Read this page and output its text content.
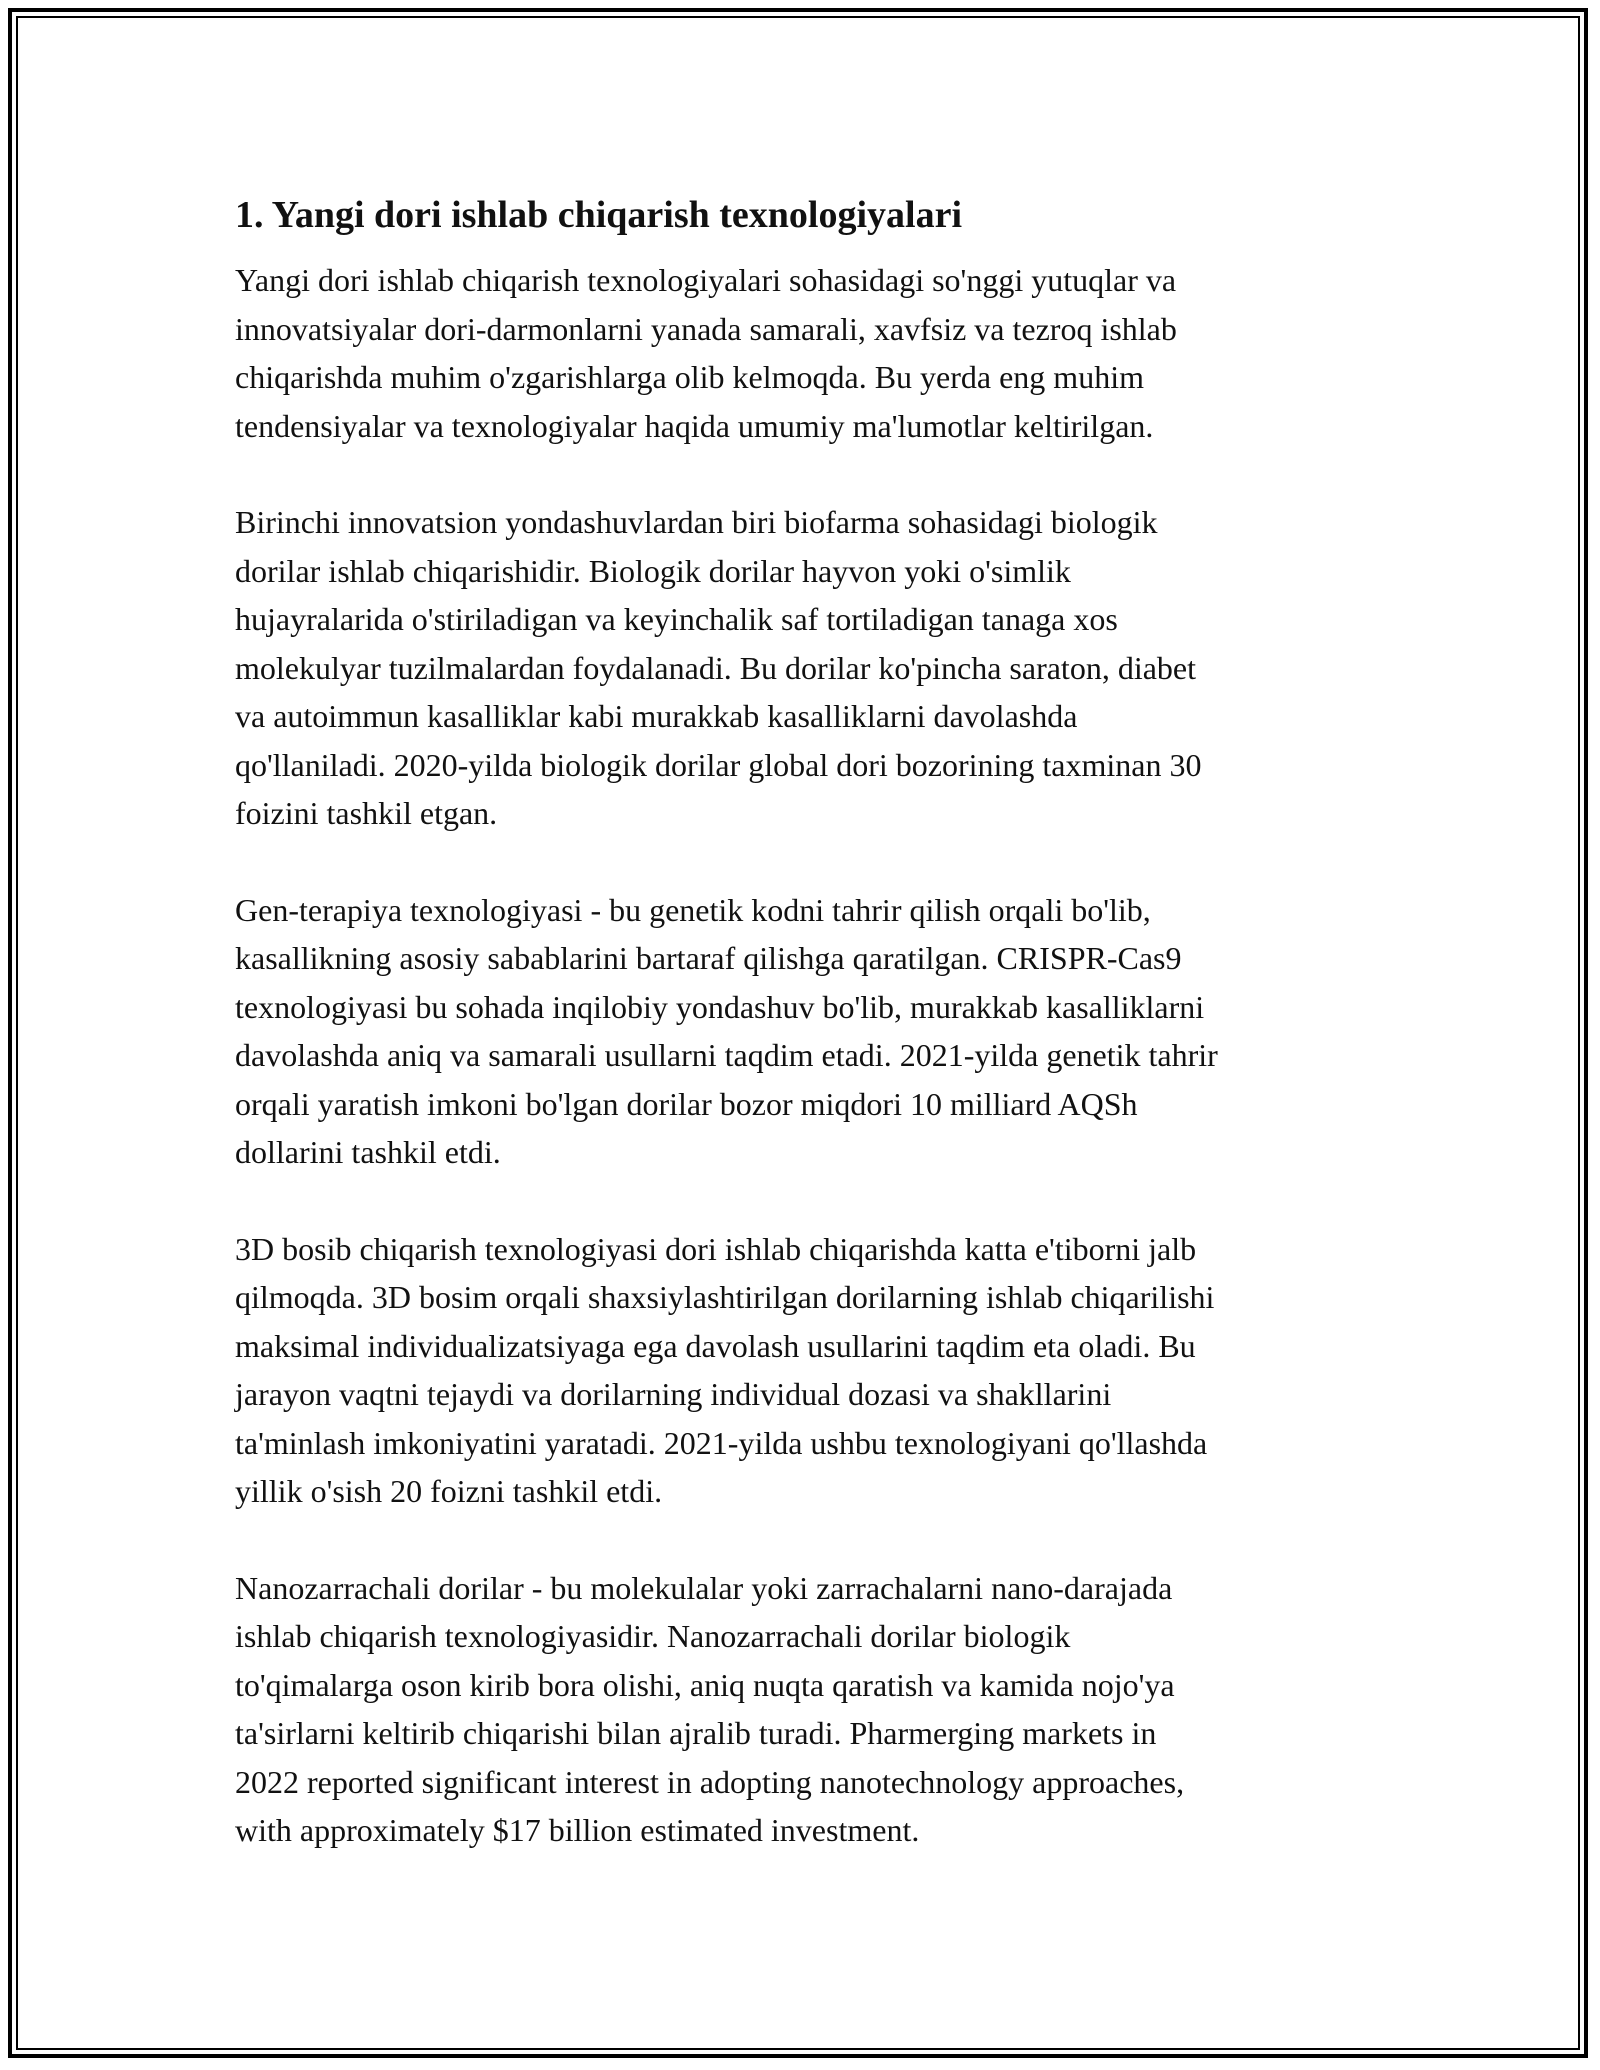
1. Yangi dori ishlab chiqarish texnologiyalari

Yangi dori ishlab chiqarish texnologiyalari sohasidagi so'nggi yutuqlar va
innovatsiyalar dori-darmonlarni yanada samarali, xavfsiz va tezroq ishlab
chiqarishda muhim o'zgarishlarga olib kelmoqda. Bu yerda eng muhim
tendensiyalar va texnologiyalar haqida umumiy ma'lumotlar keltirilgan.

Birinchi innovatsion yondashuvlardan biri biofarma sohasidagi biologik
dorilar ishlab chiqarishidir. Biologik dorilar hayvon yoki o'simlik
hujayralarida o'stiriladigan va keyinchalik saf tortiladigan tanaga xos
molekulyar tuzilmalardan foydalanadi. Bu dorilar ko'pincha saraton, diabet
va autoimmun kasalliklar kabi murakkab kasalliklarni davolashda
qo'llaniladi. 2020-yilda biologik dorilar global dori bozorining taxminan 30
foizini tashkil etgan.

Gen-terapiya texnologiyasi - bu genetik kodni tahrir qilish orqali bo'lib,
kasallikning asosiy sabablarini bartaraf qilishga qaratilgan. CRISPR-Cas9
texnologiyasi bu sohada inqilobiy yondashuv bo'lib, murakkab kasalliklarni
davolashda aniq va samarali usullarni taqdim etadi. 2021-yilda genetik tahrir
orqali yaratish imkoni bo'lgan dorilar bozor miqdori 10 milliard AQSh
dollarini tashkil etdi.

3D bosib chiqarish texnologiyasi dori ishlab chiqarishda katta e'tiborni jalb
qilmoqda. 3D bosim orqali shaxsiylashtirilgan dorilarning ishlab chiqarilishi
maksimal individualizatsiyaga ega davolash usullarini taqdim eta oladi. Bu
jarayon vaqtni tejaydi va dorilarning individual dozasi va shakllarini
ta'minlash imkoniyatini yaratadi. 2021-yilda ushbu texnologiyani qo'llashda
yillik o'sish 20 foizni tashkil etdi.

Nanozarrachali dorilar - bu molekulalar yoki zarrachalarni nano-darajada
ishlab chiqarish texnologiyasidir. Nanozarrachali dorilar biologik
to'qimalarga oson kirib bora olishi, aniq nuqta qaratish va kamida nojo'ya
ta'sirlarni keltirib chiqarishi bilan ajralib turadi. Pharmerging markets in
2022 reported significant interest in adopting nanotechnology approaches,
with approximately $17 billion estimated investment.
